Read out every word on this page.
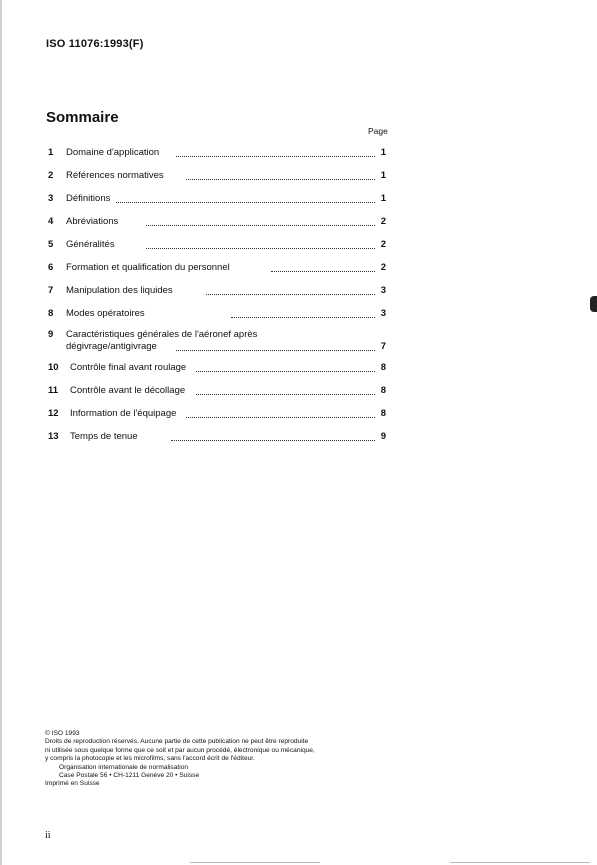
ISO 11076:1993(F)
Sommaire
Page
1 Domaine d'application	1
2 Références normatives	1
3 Définitions	1
4 Abréviations	2
5 Généralités	2
6 Formation et qualification du personnel	2
7 Manipulation des liquides	3
8 Modes opératoires	3
9 Caractéristiques générales de l'aéronef après
dégivrage/antigivrage	7
10 Contrôle final avant roulage	8
11 Contrôle avant le décollage	8
12 Information de l'équipage	8
13 Temps de tenue	9
© ISO 1993
Droits de reproduction réservés. Aucune partie de cette publication ne peut être reproduite
ni utilisée sous quelque forme que ce soit et par aucun procédé, électronique ou mécanique,
y compris la photocopie et les microfilms, sans l'accord écrit de l'éditeur.
Organisation internationale de normalisation
Case Postale 56 • CH-1211 Genève 20 • Suisse
Imprimé en Suisse
ii
